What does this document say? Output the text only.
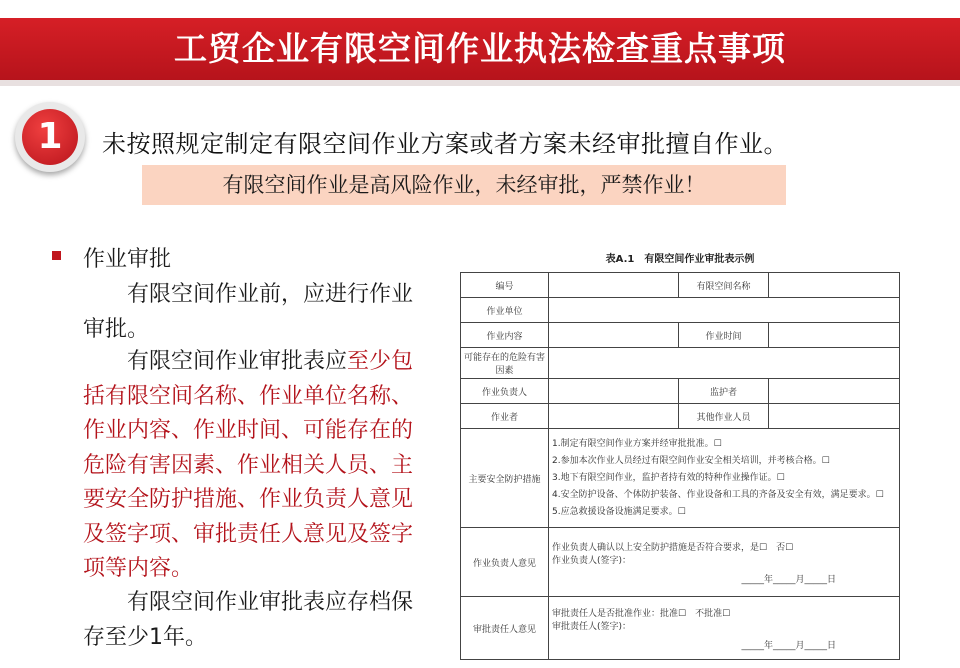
工贸企业有限空间作业执法检查重点事项
1	未按照规定制定有限空间作业方案或者方案未经审批擅自作业。
有限空间作业是高风险作业，未经审批，严禁作业！
作业审批
　　有限空间作业前，应进行作业审批。
　　有限空间作业审批表应至少包括有限空间名称、作业单位名称、作业内容、作业时间、可能存在的危险有害因素、作业相关人员、主要安全防护措施、作业负责人意见及签字项、审批责任人意见及签字项等内容。
　　有限空间作业审批表应存档保存至少1年。
表A.1　有限空间作业审批表示例
编号		有限空间名称	
作业单位			
作业内容		作业时间	
可能存在的危险有害因素			
作业负责人		监护者	
作业者		其他作业人员	
主要安全防护措施	1.制定有限空间作业方案并经审批批准。☐
2.参加本次作业人员经过有限空间作业安全相关培训，并考核合格。☐
3.地下有限空间作业，监护者持有效的特种作业操作证。☐
4.安全防护设备、个体防护装备、作业设备和工具的齐备及安全有效，满足要求。☐
5.应急救援设备设施满足要求。☐		

作业负责人意见	作业负责人确认以上安全防护措施是否符合要求，是☐　否☐
作业负责人(签字)：
_____年_____月_____日		

审批责任人意见	审批责任人是否批准作业：批准☐　不批准☐
审批责任人(签字)：
_____年_____月_____日		
